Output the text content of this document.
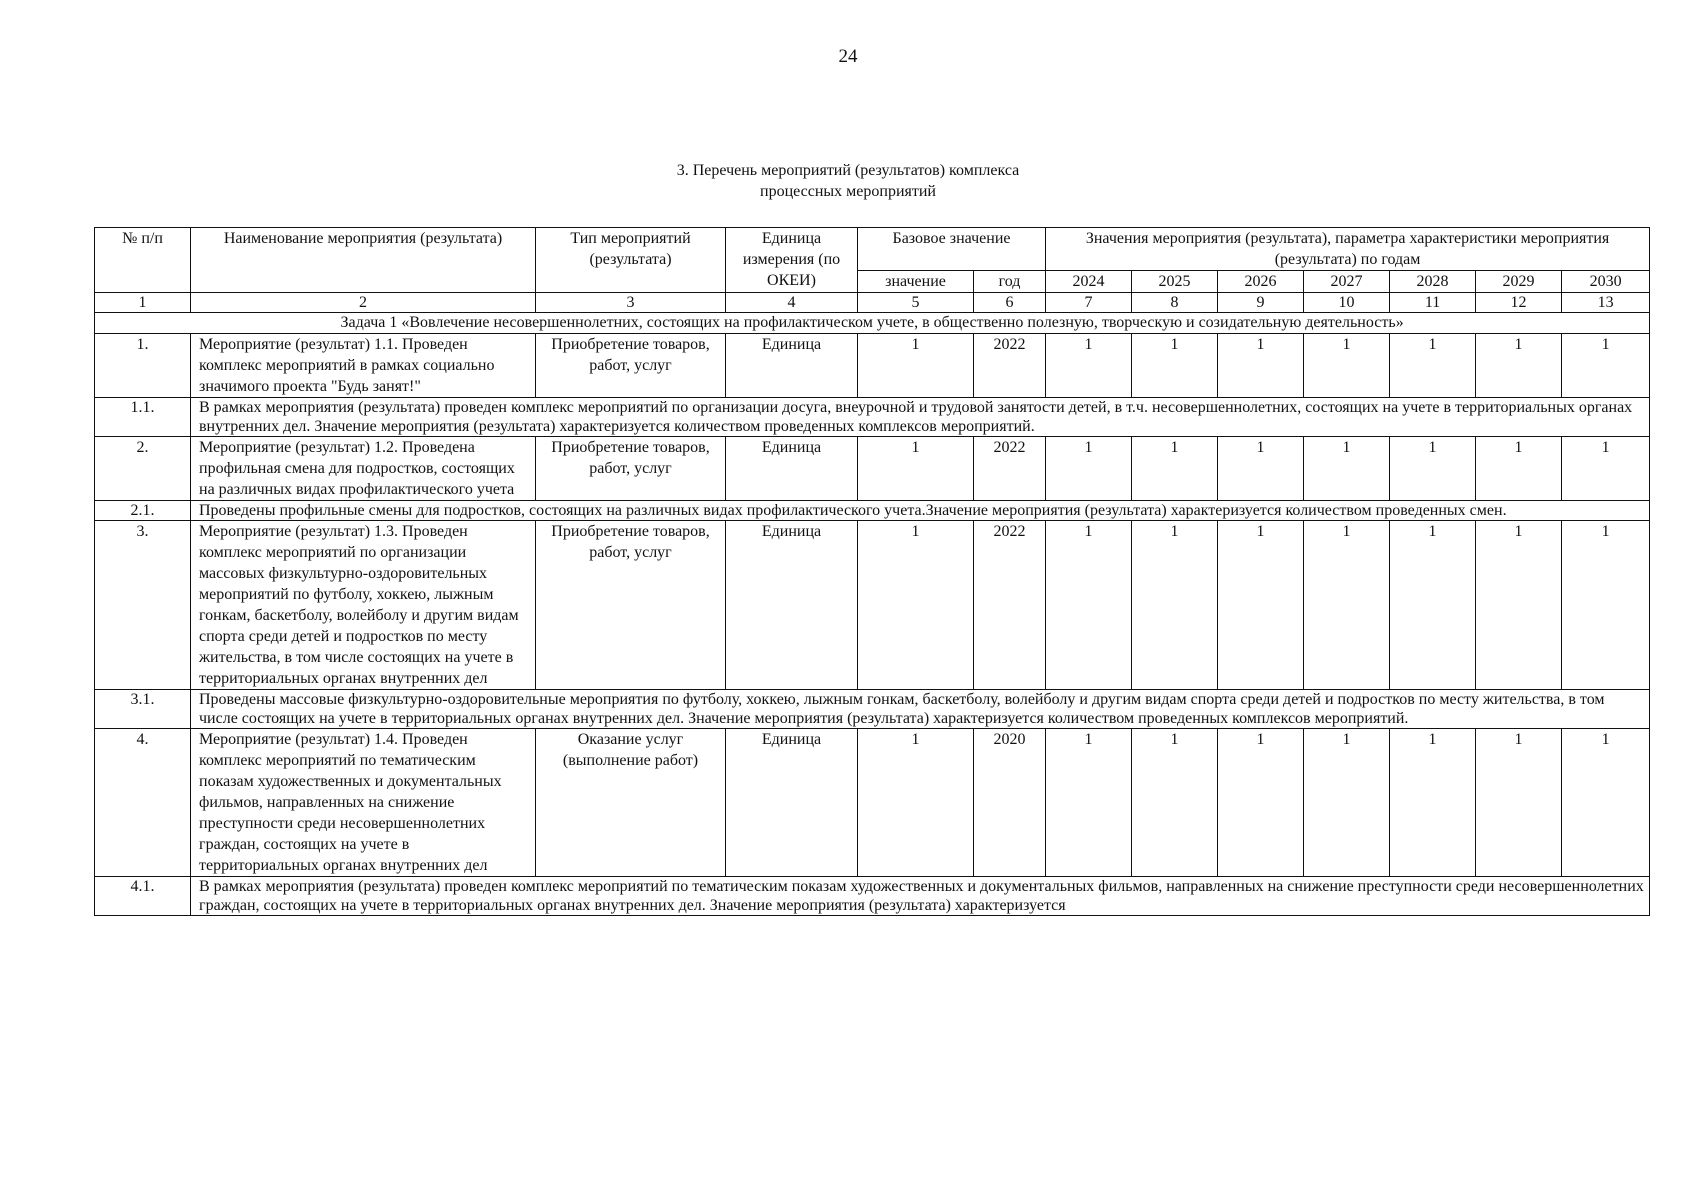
24
3. Перечень мероприятий (результатов) комплекса
процессных мероприятий
№ п/п	Наименование мероприятия (результата)	Тип мероприятий (результата)	Единица измерения (по ОКЕИ)	Базовое значение		Значения мероприятия (результата), параметра характеристики мероприятия (результата) по годам						
				значение	год	2024	2025	2026	2027	2028	2029	2030
1	2	3	4	5	6	7	8	9	10	11	12	13
Задача 1 «Вовлечение несовершеннолетних, состоящих на профилактическом учете, в общественно полезную, творческую и созидательную деятельность»												
1.	Мероприятие (результат) 1.1. Проведен комплекс мероприятий в рамках социально значимого проекта "Будь занят!"	Приобретение товаров, работ, услуг	Единица	1	2022	1	1	1	1	1	1	1
1.1.	В рамках мероприятия (результата) проведен комплекс мероприятий по организации досуга, внеурочной и трудовой занятости детей, в т.ч. несовершеннолетних, состоящих на учете в территориальных органах внутренних дел. Значение мероприятия (результата) характеризуется количеством проведенных комплексов мероприятий.											
2.	Мероприятие (результат) 1.2. Проведена профильная смена для подростков, состоящих на различных видах профилактического учета	Приобретение товаров, работ, услуг	Единица	1	2022	1	1	1	1	1	1	1
2.1.	Проведены профильные смены для подростков, состоящих на различных видах профилактического учета.Значение мероприятия (результата) характеризуется количеством проведенных смен.											
3.	Мероприятие (результат) 1.3. Проведен комплекс мероприятий по организации массовых физкультурно-оздоровительных мероприятий по футболу, хоккею, лыжным гонкам, баскетболу, волейболу и другим видам спорта среди детей и подростков по месту жительства, в том числе состоящих на учете в территориальных органах внутренних дел	Приобретение товаров, работ, услуг	Единица	1	2022	1	1	1	1	1	1	1
3.1.	Проведены массовые физкультурно-оздоровительные мероприятия по футболу, хоккею, лыжным гонкам, баскетболу, волейболу и другим видам спорта среди детей и подростков по месту жительства, в том числе состоящих на учете в территориальных органах внутренних дел. Значение мероприятия (результата) характеризуется количеством проведенных комплексов мероприятий.											
4.	Мероприятие (результат) 1.4. Проведен комплекс мероприятий по тематическим показам художественных и документальных фильмов, направленных на снижение преступности среди несовершеннолетних граждан, состоящих на учете в территориальных органах внутренних дел	Оказание услуг (выполнение работ)	Единица	1	2020	1	1	1	1	1	1	1
4.1.	В рамках мероприятия (результата) проведен комплекс мероприятий по тематическим показам художественных и документальных фильмов, направленных на снижение преступности среди несовершеннолетних граждан, состоящих на учете в территориальных органах внутренних дел. Значение мероприятия (результата) характеризуется											
